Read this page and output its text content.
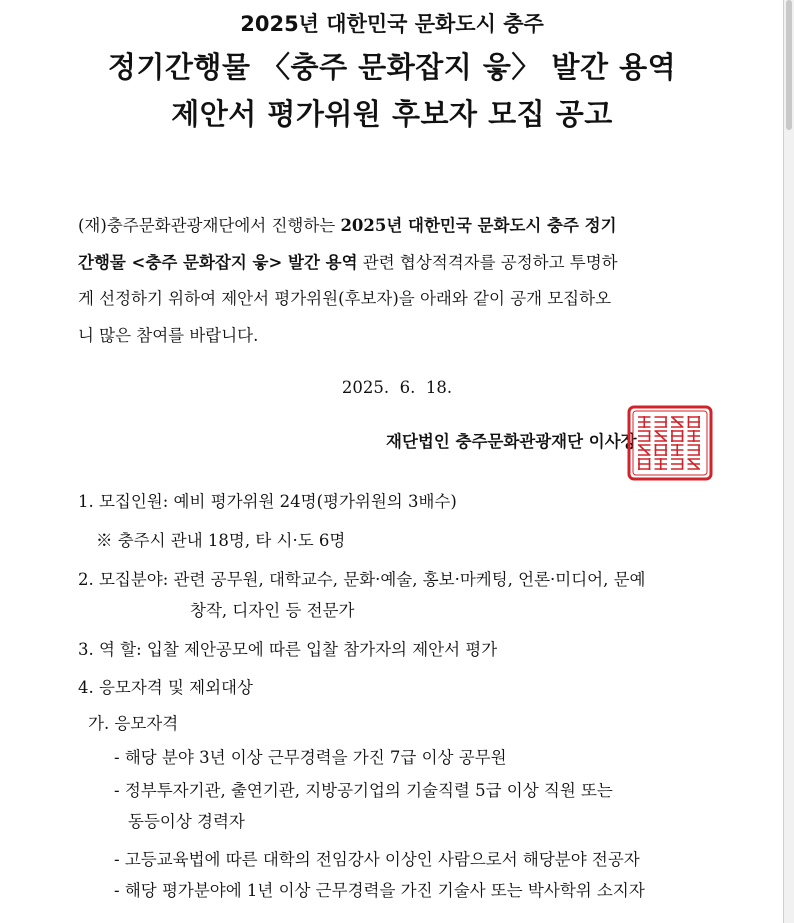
2025년 대한민국 문화도시 충주
정기간행물 〈충주 문화잡지 읗〉 발간 용역
제안서 평가위원 후보자 모집 공고
(재)충주문화관광재단에서 진행하는 2025년 대한민국 문화도시 충주 정기
간행물 <충주 문화잡지 읗> 발간 용역 관련 협상적격자를 공정하고 투명하
게 선정하기 위하여 제안서 평가위원(후보자)을 아래와 같이 공개 모집하오
니 많은 참여를 바랍니다.
2025.  6.  18.
재단법인 충주문화관광재단 이사장
1. 모집인원: 예비 평가위원 24명(평가위원의 3배수)
※ 충주시 관내 18명, 타 시·도 6명
2. 모집분야: 관련 공무원, 대학교수, 문화·예술, 홍보·마케팅, 언론·미디어, 문예
창작, 디자인 등 전문가
3. 역 할: 입찰 제안공모에 따른 입찰 참가자의 제안서 평가
4. 응모자격 및 제외대상
가. 응모자격
- 해당 분야 3년 이상 근무경력을 가진 7급 이상 공무원
- 정부투자기관, 출연기관, 지방공기업의 기술직렬 5급 이상 직원 또는
동등이상 경력자
- 고등교육법에 따른 대학의 전임강사 이상인 사람으로서 해당분야 전공자
- 해당 평가분야에 1년 이상 근무경력을 가진 기술사 또는 박사학위 소지자
